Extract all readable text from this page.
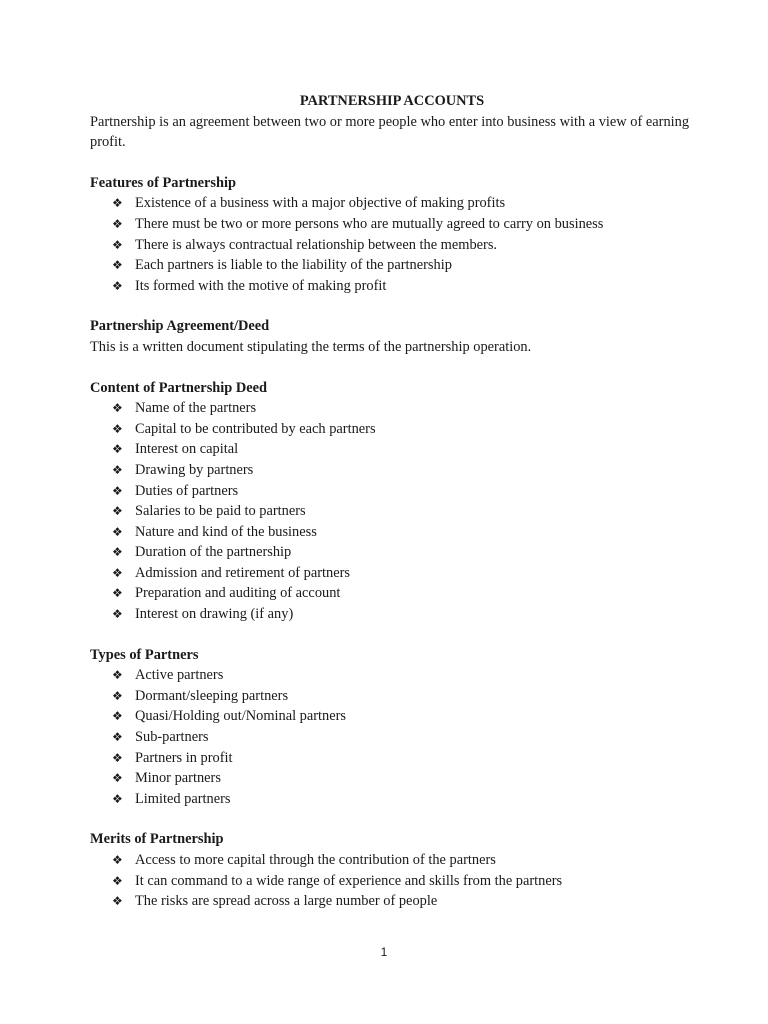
PARTNERSHIP ACCOUNTS

Partnership is an agreement between two or more people who enter into business with a view of earning profit.

Features of Partnership

❖ Existence of a business with a major objective of making profits
❖ There must be two or more persons who are mutually agreed to carry on business
❖ There is always contractual relationship between the members.
❖ Each partners is liable to the liability of the partnership
❖ Its formed with the motive of making profit

Partnership Agreement/Deed

This is a written document stipulating the terms of the partnership operation.

Content of Partnership Deed

❖ Name of the partners
❖ Capital to be contributed by each partners
❖ Interest on capital
❖ Drawing by partners
❖ Duties of partners
❖ Salaries to be paid to partners
❖ Nature and kind of the business
❖ Duration of the partnership
❖ Admission and retirement of partners
❖ Preparation and auditing of account
❖ Interest on drawing (if any)

Types of Partners

❖ Active partners
❖ Dormant/sleeping partners
❖ Quasi/Holding out/Nominal partners
❖ Sub-partners
❖ Partners in profit
❖ Minor partners
❖ Limited partners

Merits of Partnership

❖ Access to more capital through the contribution of the partners
❖ It can command to a wide range of experience and skills from the partners
❖ The risks are spread across a large number of people
1
